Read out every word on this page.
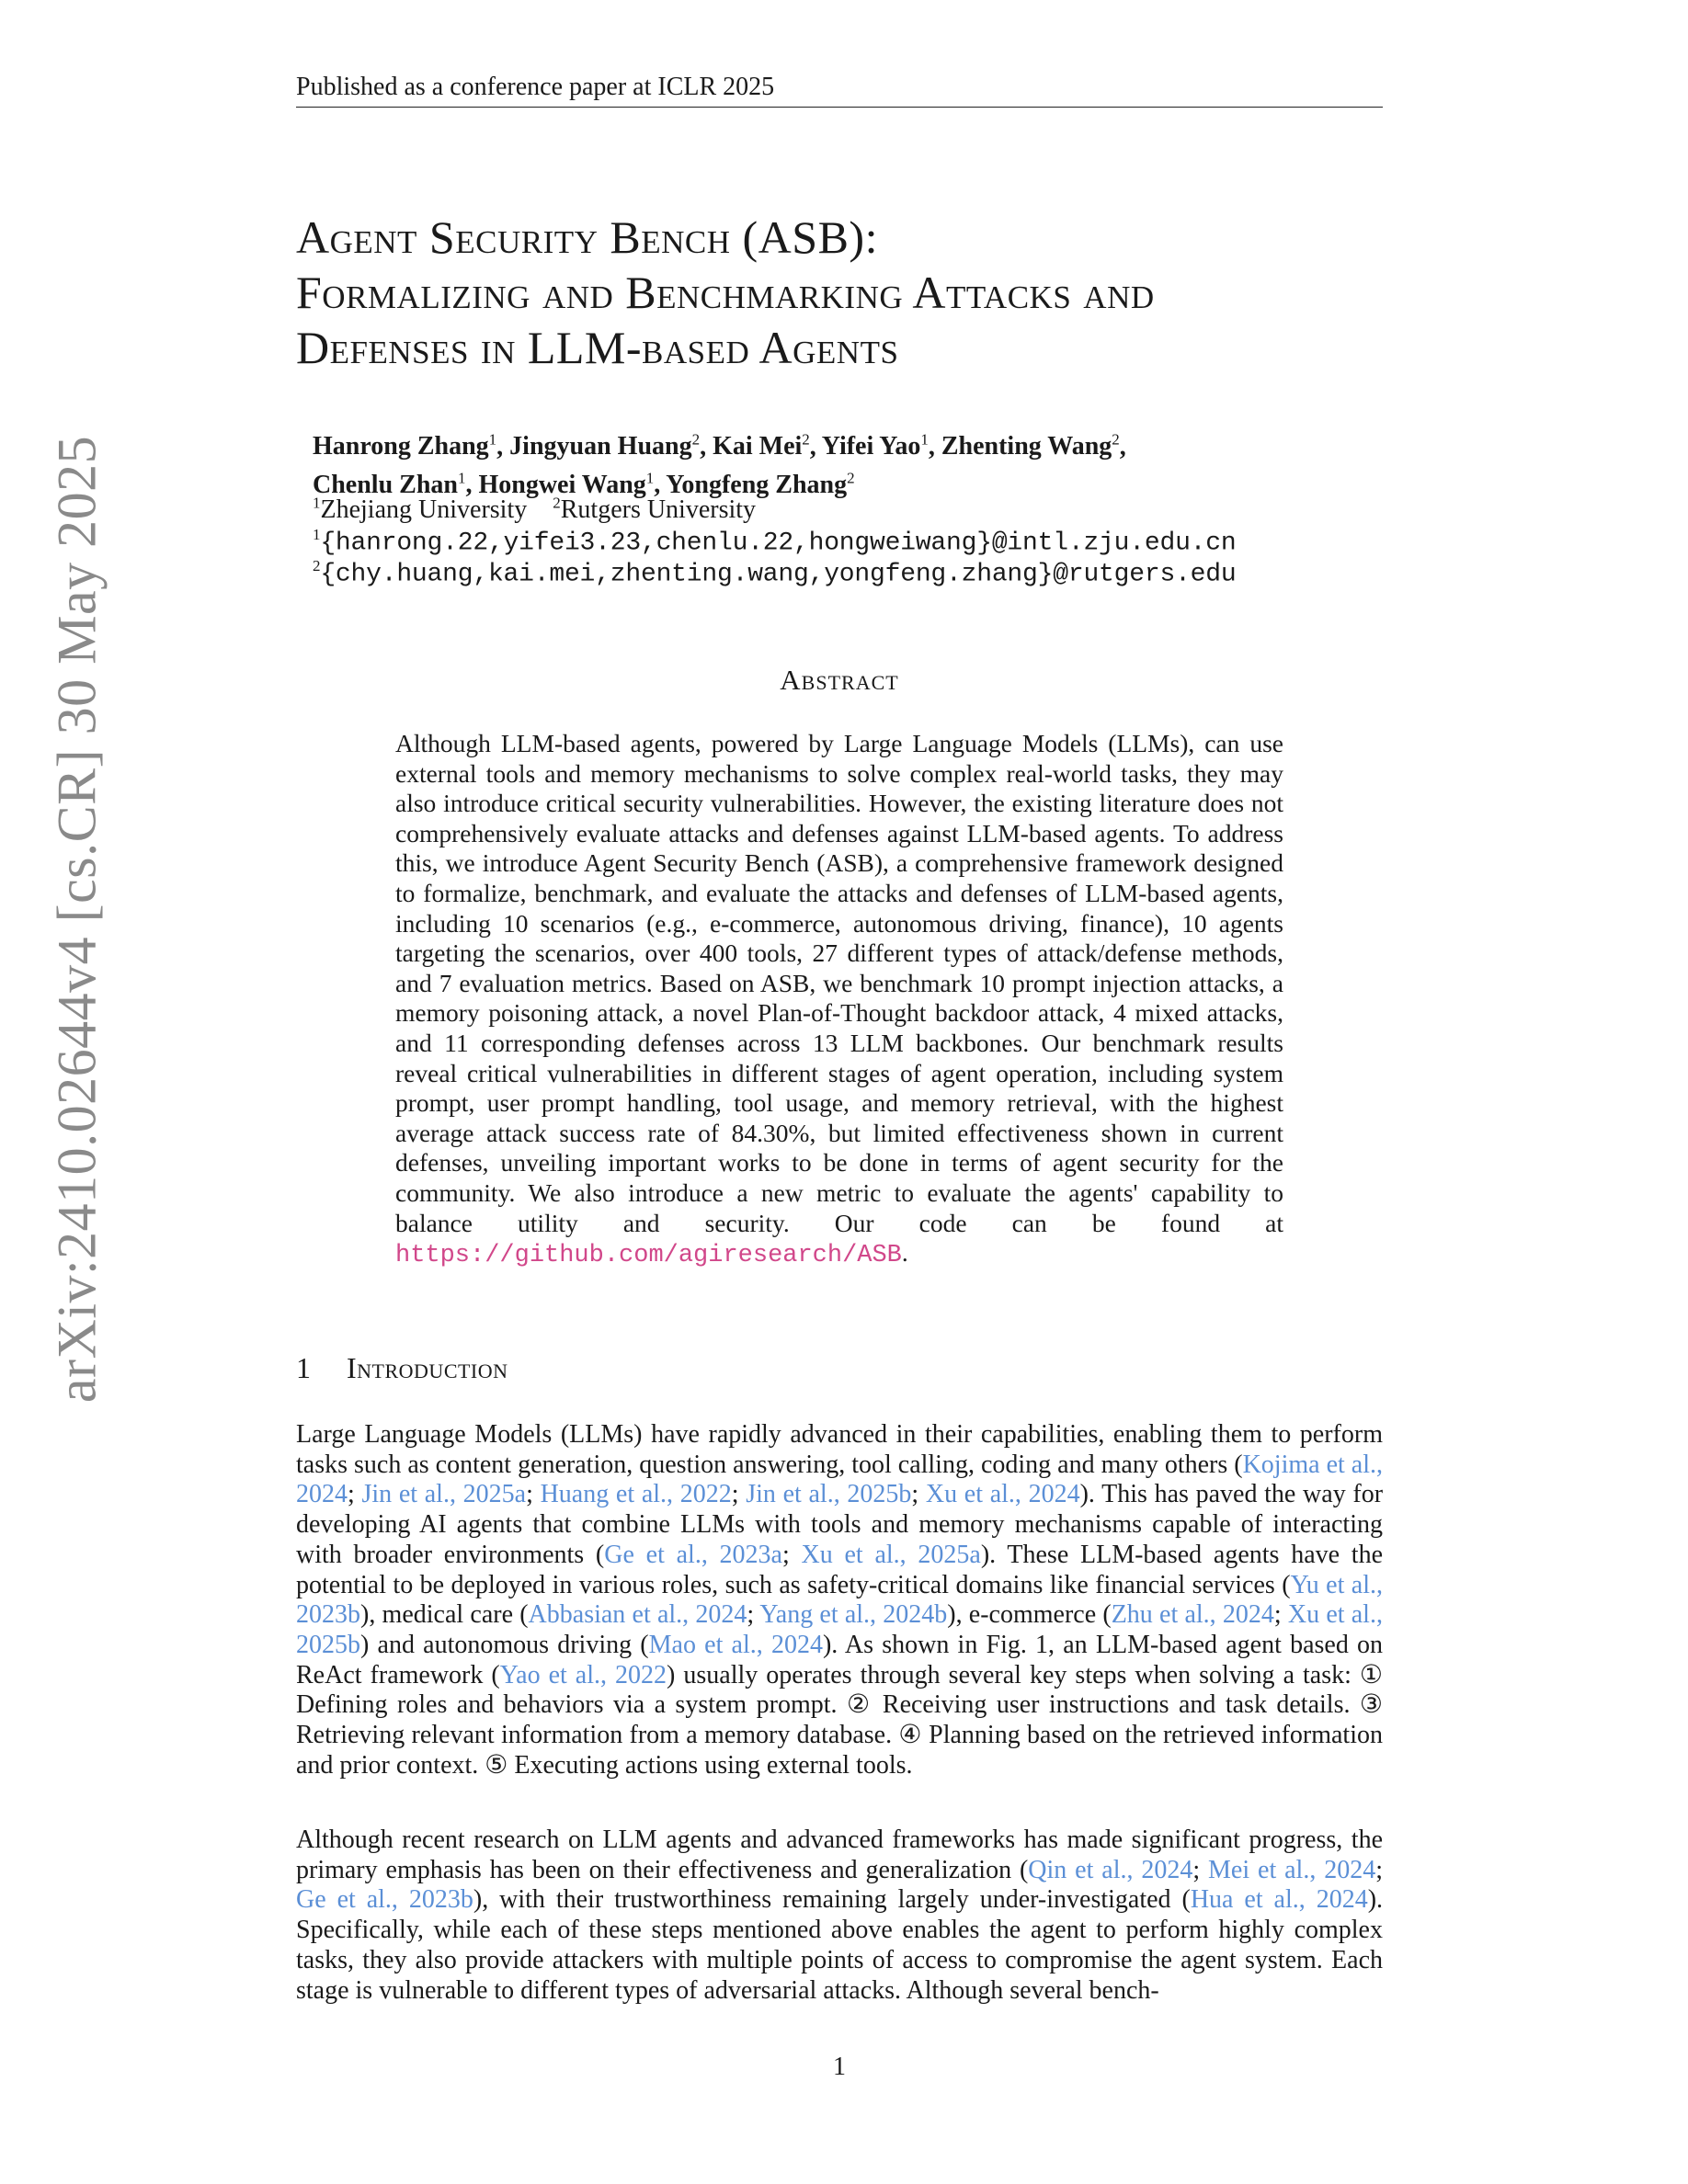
Published as a conference paper at ICLR 2025
arXiv:2410.02644v4 [cs.CR] 30 May 2025
Agent Security Bench (ASB):
Formalizing and Benchmarking Attacks and
Defenses in LLM-based Agents
Hanrong Zhang$^1$, Jingyuan Huang$^2$, Kai Mei$^2$, Yifei Yao$^1$, Zhenting Wang$^2$,
Chenlu Zhan$^1$, Hongwei Wang$^1$, Yongfeng Zhang$^2$
$^1$Zhejiang University $^2$Rutgers University
$^1${hanrong.22,yifei3.23,chenlu.22,hongweiwang}@intl.zju.edu.cn
$^2${chy.huang,kai.mei,zhenting.wang,yongfeng.zhang}@rutgers.edu
Abstract
Although LLM-based agents, powered by Large Language Models (LLMs), can use external tools and memory mechanisms to solve complex real-world tasks, they may also introduce critical security vulnerabilities. However, the existing literature does not comprehensively evaluate attacks and defenses against LLM-based agents. To address this, we introduce Agent Security Bench (ASB), a comprehensive framework designed to formalize, benchmark, and evaluate the attacks and defenses of LLM-based agents, including 10 scenarios (e.g., e-commerce, autonomous driving, finance), 10 agents targeting the scenarios, over 400 tools, 27 different types of attack/defense methods, and 7 evaluation metrics. Based on ASB, we benchmark 10 prompt injection attacks, a memory poisoning attack, a novel Plan-of-Thought backdoor attack, 4 mixed attacks, and 11 corresponding defenses across 13 LLM backbones. Our benchmark results reveal critical vulnerabilities in different stages of agent operation, including system prompt, user prompt handling, tool usage, and memory retrieval, with the highest average attack success rate of 84.30%, but limited effectiveness shown in current defenses, unveiling important works to be done in terms of agent security for the community. We also introduce a new metric to evaluate the agents' capability to balance utility and security. Our code can be found at https://github.com/agiresearch/ASB.
1 Introduction
Large Language Models (LLMs) have rapidly advanced in their capabilities, enabling them to perform tasks such as content generation, question answering, tool calling, coding and many others (Kojima et al., 2024; Jin et al., 2025a; Huang et al., 2022; Jin et al., 2025b; Xu et al., 2024). This has paved the way for developing AI agents that combine LLMs with tools and memory mechanisms capable of interacting with broader environments (Ge et al., 2023a; Xu et al., 2025a). These LLM-based agents have the potential to be deployed in various roles, such as safety-critical domains like financial services (Yu et al., 2023b), medical care (Abbasian et al., 2024; Yang et al., 2024b), e-commerce (Zhu et al., 2024; Xu et al., 2025b) and autonomous driving (Mao et al., 2024). As shown in Fig. 1, an LLM-based agent based on ReAct framework (Yao et al., 2022) usually operates through several key steps when solving a task: ① Defining roles and behaviors via a system prompt. ② Receiving user instructions and task details. ③ Retrieving relevant information from a memory database. ④ Planning based on the retrieved information and prior context. ⑤ Executing actions using external tools.
Although recent research on LLM agents and advanced frameworks has made significant progress, the primary emphasis has been on their effectiveness and generalization (Qin et al., 2024; Mei et al., 2024; Ge et al., 2023b), with their trustworthiness remaining largely under-investigated (Hua et al., 2024). Specifically, while each of these steps mentioned above enables the agent to perform highly complex tasks, they also provide attackers with multiple points of access to compromise the agent system. Each stage is vulnerable to different types of adversarial attacks. Although several bench-
1
